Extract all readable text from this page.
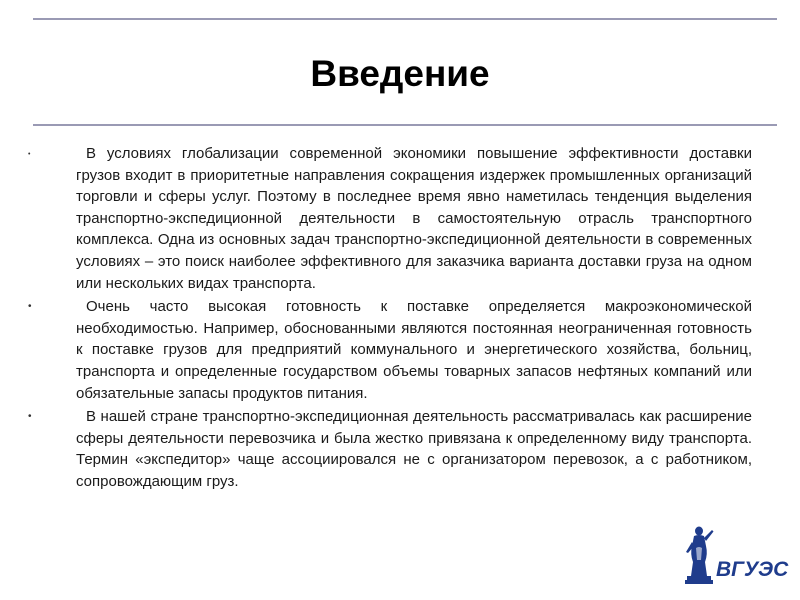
Введение

•	В условиях глобализации современной экономики повышение эффективности доставки грузов входит в приоритетные направления сокращения издержек промышленных организаций торговли и сферы услуг. Поэтому в последнее время явно наметилась тенденция выделения транспортно-экспедиционной деятельности в самостоятельную отрасль транспортного комплекса. Одна из основных задач транспортно-экспедиционной деятельности в современных условиях – это поиск наиболее эффективного для заказчика варианта доставки груза на одном или нескольких видах транспорта.

•	Очень часто высокая готовность к поставке определяется макроэкономической необходимостью. Например, обоснованными являются постоянная неограниченная готовность к поставке грузов для предприятий коммунального и энергетического хозяйства, больниц, транспорта и определенные государством объемы товарных запасов нефтяных компаний или обязательные запасы продуктов питания.

•	В нашей стране транспортно-экспедиционная деятельность рассматривалась как расширение сферы деятельности перевозчика и была жестко привязана к определенному виду транспорта. Термин «экспедитор» чаще ассоциировался не с организатором перевозок, а с работником, сопровождающим груз.

ВГУЭС
